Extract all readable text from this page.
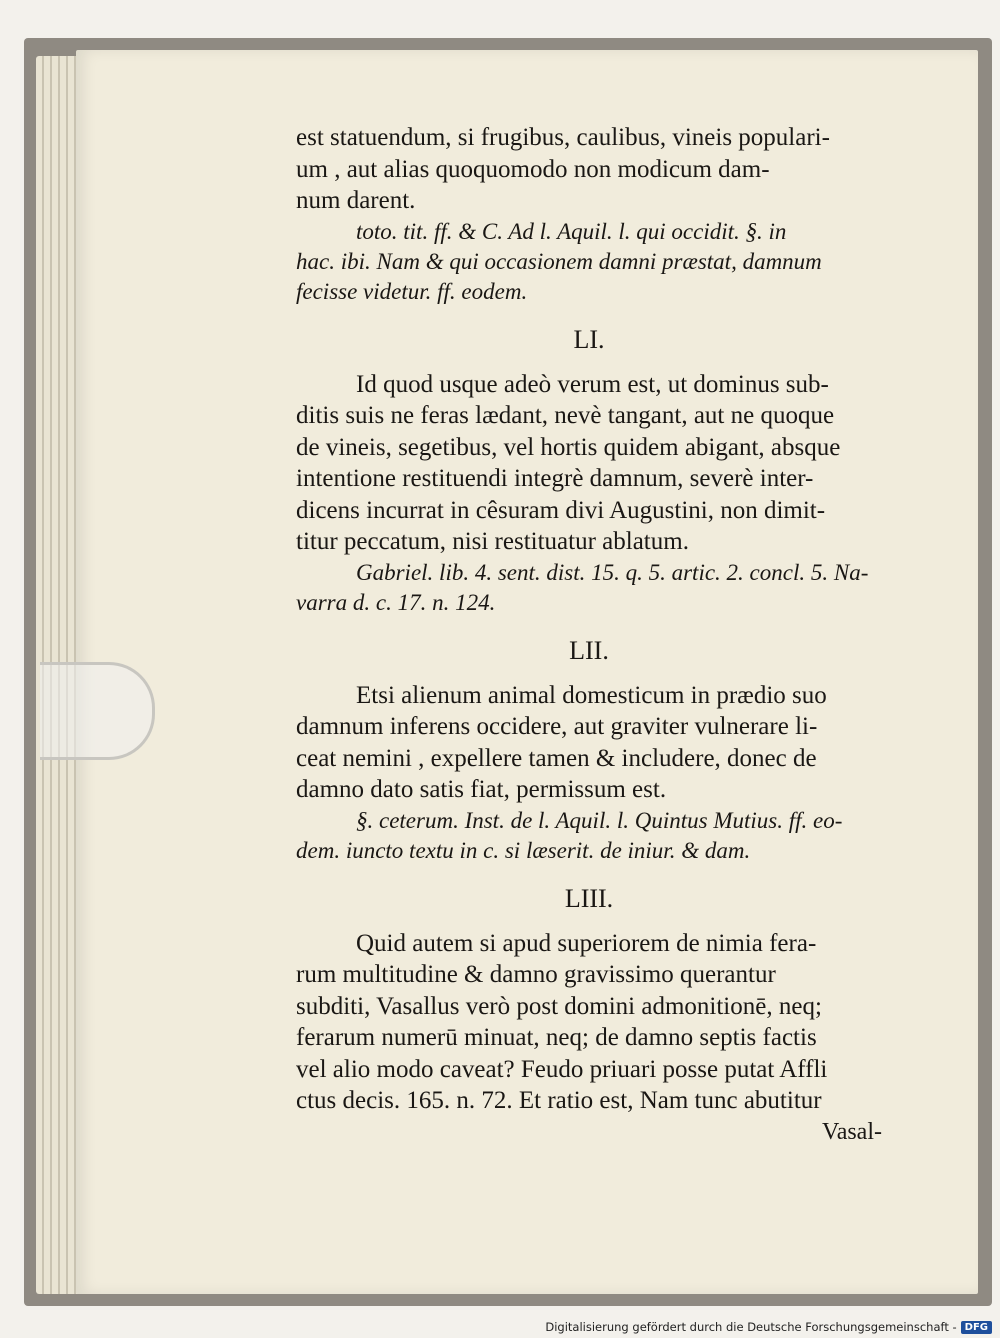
est statuendum, si frugibus, caulibus, vineis populari-

um , aut alias quoquomodo non modicum dam-

num darent.

toto. tit. ff. & C. Ad l. Aquil. l. qui occidit. §. in

hac. ibi. Nam & qui occasionem damni præstat, damnum

fecisse videtur. ff. eodem.

LI.

Id quod usque adeò verum est, ut dominus sub-

ditis suis ne feras lædant, nevè tangant, aut ne quoque

de vineis, segetibus, vel hortis quidem abigant, absque

intentione restituendi integrè damnum, severè inter-

dicens incurrat in cêsuram divi Augustini, non dimit-

titur peccatum, nisi restituatur ablatum.

Gabriel. lib. 4. sent. dist. 15. q. 5. artic. 2. concl. 5. Na-

varra d. c. 17. n. 124.

LII.

Etsi alienum animal domesticum in prædio suo

damnum inferens occidere, aut graviter vulnerare li-

ceat nemini , expellere tamen & includere, donec de

damno dato satis fiat, permissum est.

§. ceterum. Inst. de l. Aquil. l. Quintus Mutius. ff. eo-

dem. iuncto textu in c. si læserit. de iniur. & dam.

LIII.

Quid autem si apud superiorem de nimia fera-

rum multitudine & damno gravissimo querantur

subditi, Vasallus verò post domini admonitionē, neq;

ferarum numerū minuat, neq; de damno septis factis

vel alio modo caveat? Feudo priuari posse putat Affli

ctus decis. 165. n. 72. Et ratio est, Nam tunc abutitur

Vasal-

Digitalisierung gefördert durch die Deutsche Forschungsgemeinschaft - DFG
